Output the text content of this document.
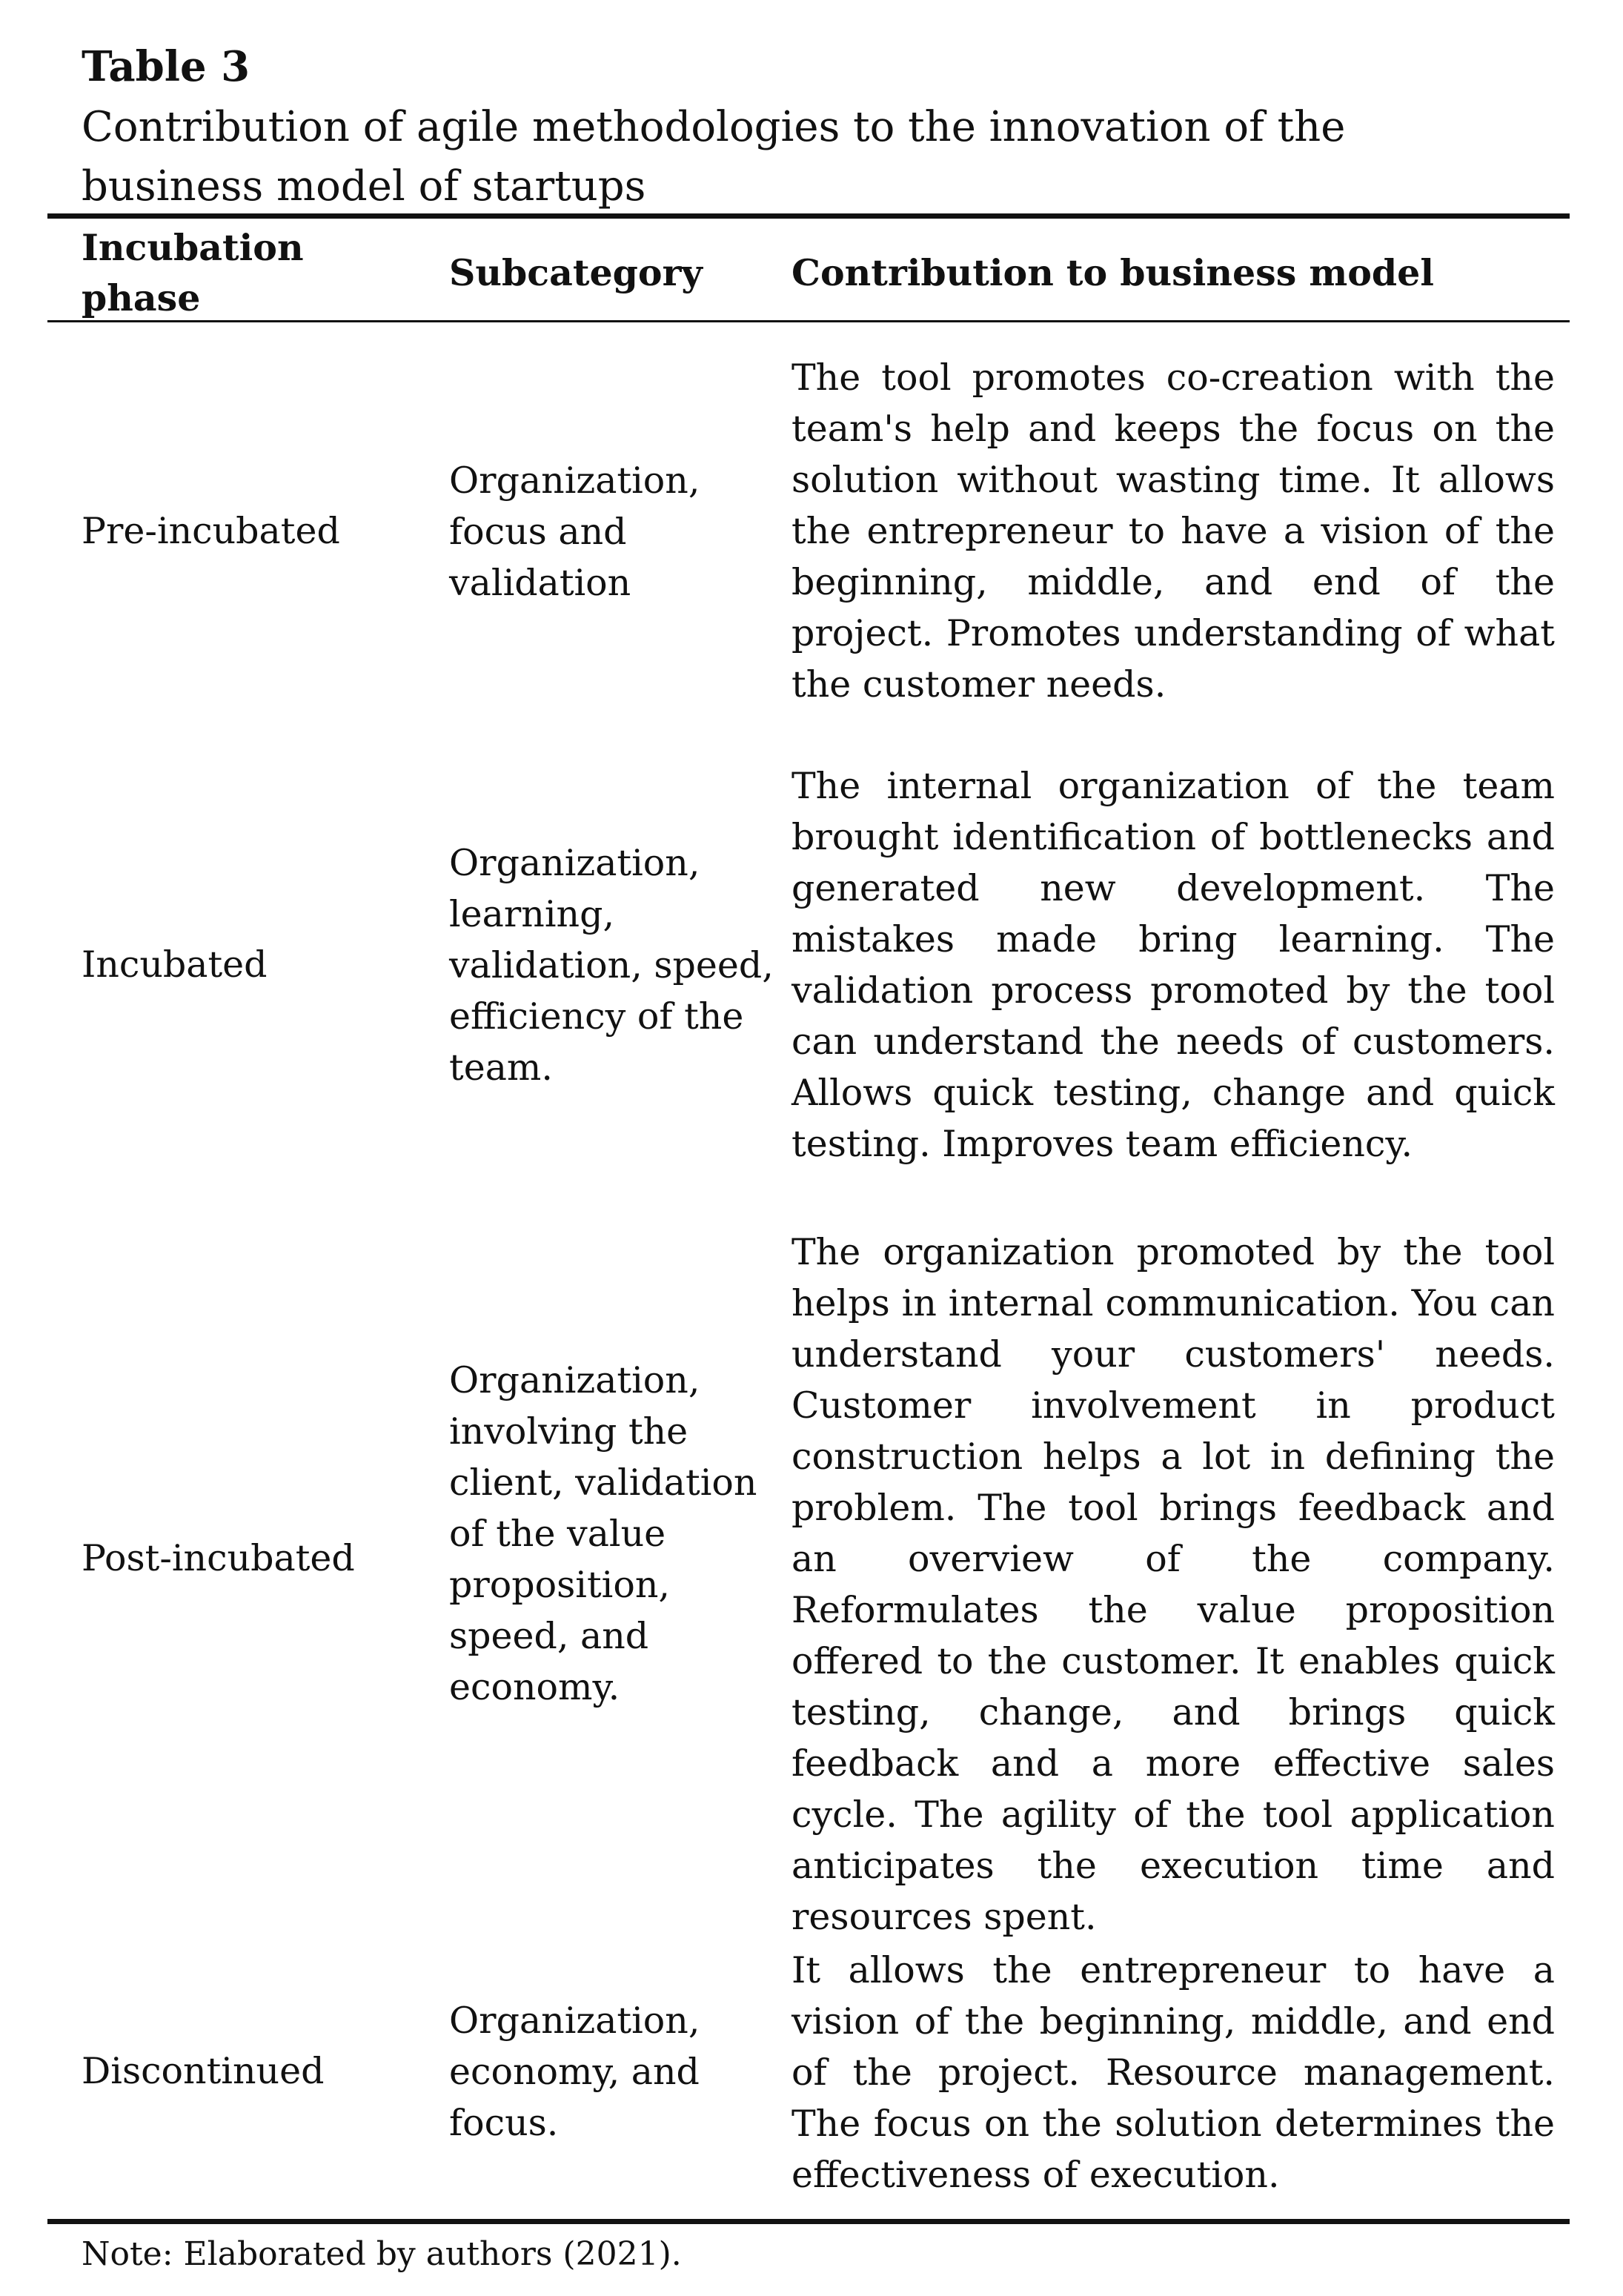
Table 3
Contribution of agile methodologies to the innovation of the business model of startups
Incubation phase
Subcategory	Contribution to business model
Pre-incubated
Organization, focus and validation
The tool promotes co-creation with the team's help and keeps the focus on the solution without wasting time. It allows the entrepreneur to have a vision of the beginning, middle, and end of the project. Promotes understanding of what the customer needs.
Incubated
Organization, learning, validation, speed, efficiency of the team.
The internal organization of the team brought identification of bottlenecks and generated new development. The mistakes made bring learning. The validation process promoted by the tool can understand the needs of customers. Allows quick testing, change and quick testing. Improves team efficiency.
Post-incubated
Organization, involving the client, validation of the value proposition, speed, and economy.
The organization promoted by the tool helps in internal communication. You can understand your customers' needs. Customer involvement in product construction helps a lot in defining the problem. The tool brings feedback and an overview of the company. Reformulates the value proposition offered to the customer. It enables quick testing, change, and brings quick feedback and a more effective sales cycle. The agility of the tool application anticipates the execution time and resources spent.
Discontinued
Organization, economy, and focus.
It allows the entrepreneur to have a vision of the beginning, middle, and end of the project. Resource management. The focus on the solution determines the effectiveness of execution.
Note: Elaborated by authors (2021).
